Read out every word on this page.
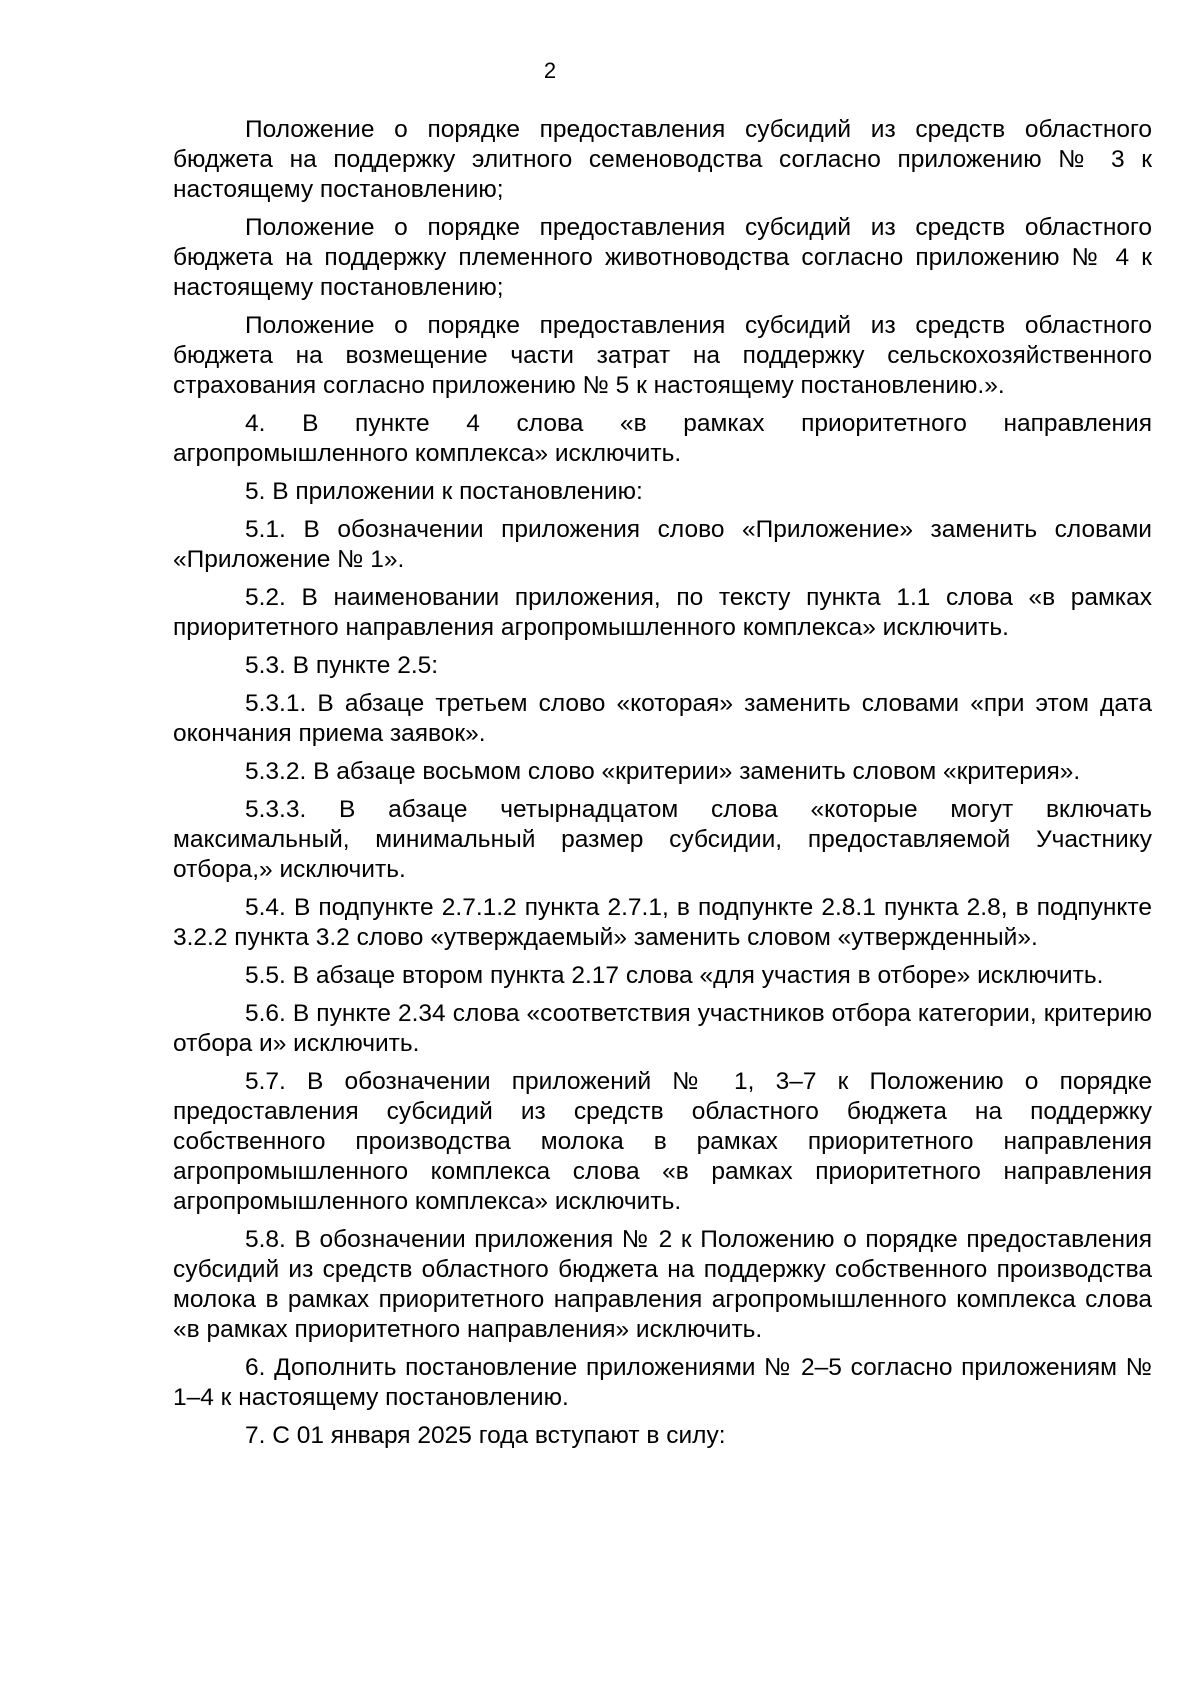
2

Положение о порядке предоставления субсидий из средств областного бюджета на поддержку элитного семеноводства согласно приложению № 3 к настоящему постановлению;

Положение о порядке предоставления субсидий из средств областного бюджета на поддержку племенного животноводства согласно приложению № 4 к настоящему постановлению;

Положение о порядке предоставления субсидий из средств областного бюджета на возмещение части затрат на поддержку сельскохозяйственного страхования согласно приложению № 5 к настоящему постановлению.».

4. В пункте 4 слова «в рамках приоритетного направления агропромышленного комплекса» исключить.

5. В приложении к постановлению:

5.1. В обозначении приложения слово «Приложение» заменить словами «Приложение № 1».

5.2. В наименовании приложения, по тексту пункта 1.1 слова «в рамках приоритетного направления агропромышленного комплекса» исключить.

5.3. В пункте 2.5:

5.3.1. В абзаце третьем слово «которая» заменить словами «при этом дата окончания приема заявок».

5.3.2. В абзаце восьмом слово «критерии» заменить словом «критерия».

5.3.3. В абзаце четырнадцатом слова «которые могут включать максимальный, минимальный размер субсидии, предоставляемой Участнику отбора,» исключить.

5.4. В подпункте 2.7.1.2 пункта 2.7.1, в подпункте 2.8.1 пункта 2.8, в подпункте 3.2.2 пункта 3.2 слово «утверждаемый» заменить словом «утвержденный».

5.5. В абзаце втором пункта 2.17 слова «для участия в отборе» исключить.

5.6. В пункте 2.34 слова «соответствия участников отбора категории, критерию отбора и» исключить.

5.7. В обозначении приложений № 1, 3–7 к Положению о порядке предоставления субсидий из средств областного бюджета на поддержку собственного производства молока в рамках приоритетного направления агропромышленного комплекса слова «в рамках приоритетного направления агропромышленного комплекса» исключить.

5.8. В обозначении приложения № 2 к Положению о порядке предоставления субсидий из средств областного бюджета на поддержку собственного производства молока в рамках приоритетного направления агропромышленного комплекса слова «в рамках приоритетного направления» исключить.

6. Дополнить постановление приложениями № 2–5 согласно приложениям № 1–4 к настоящему постановлению.

7. С 01 января 2025 года вступают в силу:
